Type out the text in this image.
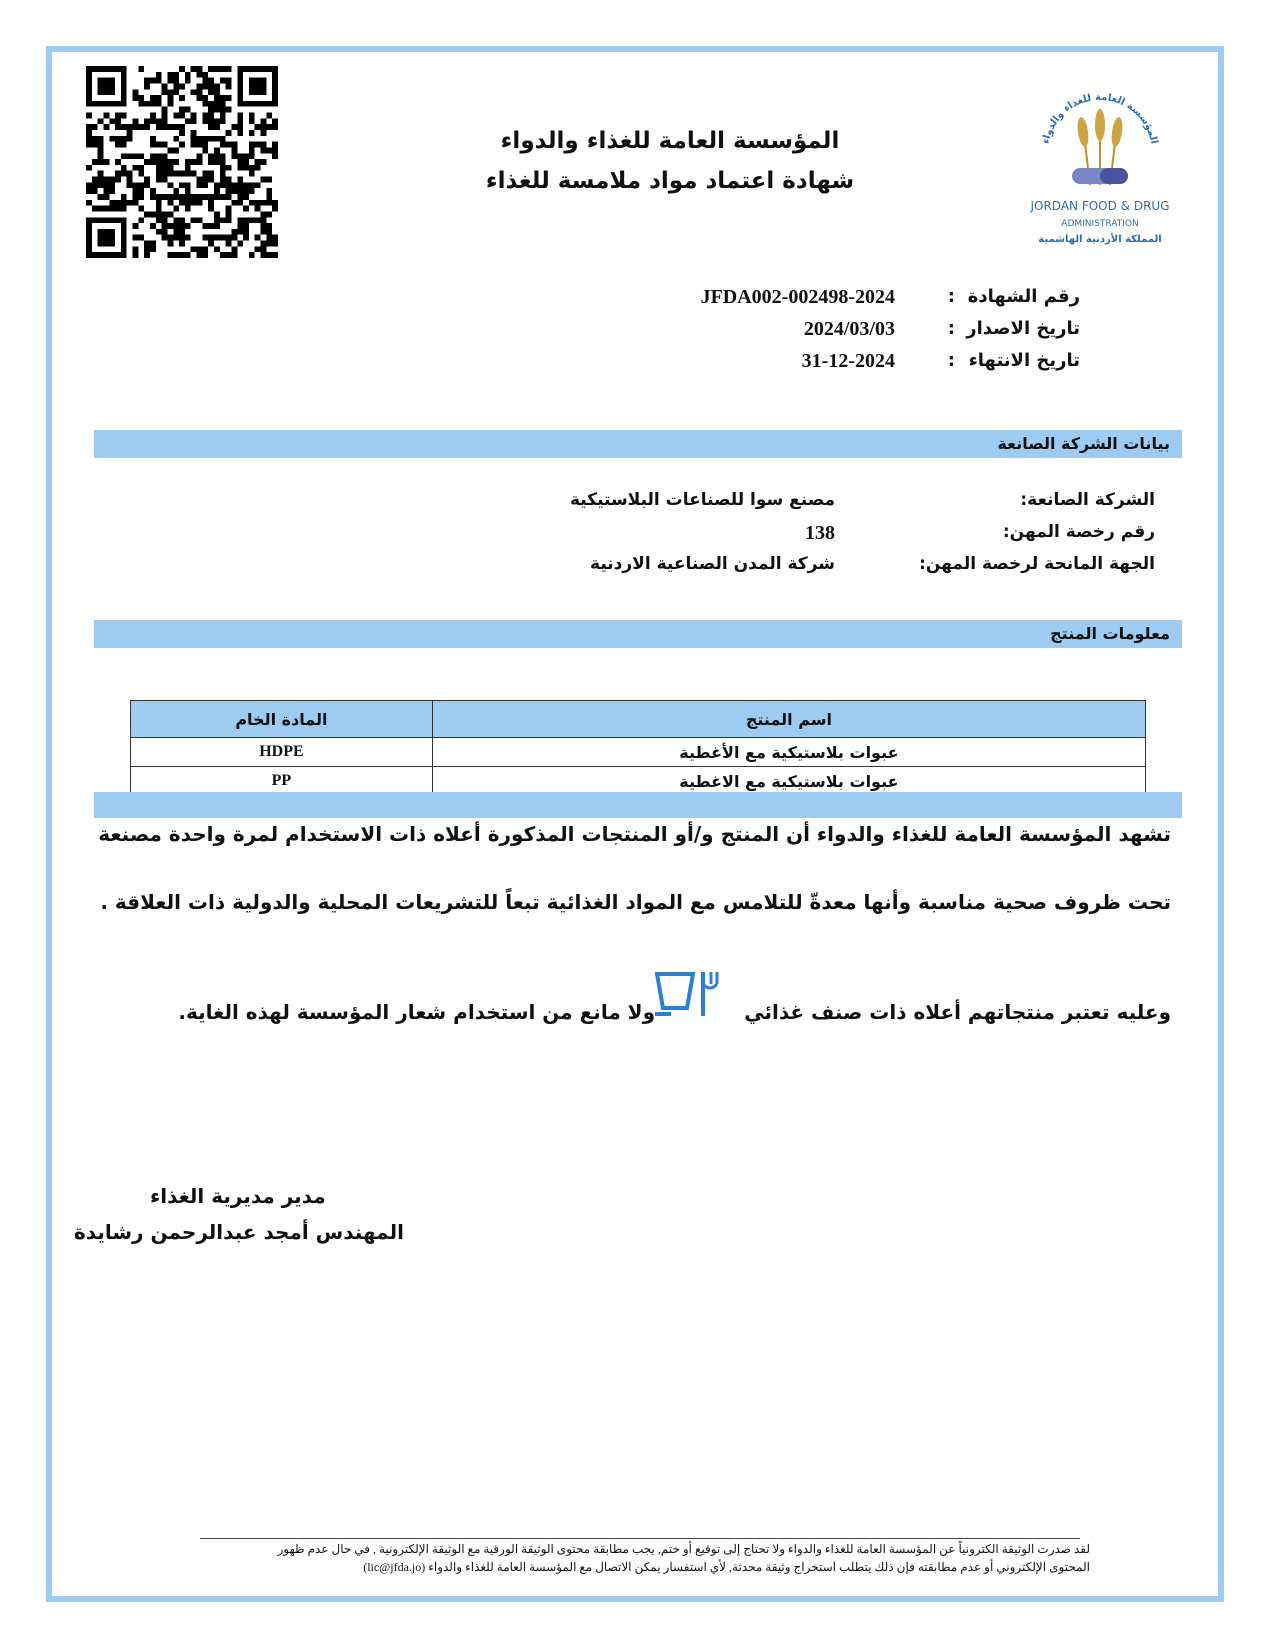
المؤسسة العامة للغذاء والدواء
JORDAN FOOD & DRUG
ADMINISTRATION
المملكة الأردنية الهاشمية
المؤسسة العامة للغذاء والدواء
شهادة اعتماد مواد ملامسة للغذاء
رقم الشهادة
:
JFDA002-002498-2024
تاريخ الاصدار
:
2024/03/03
تاريخ الانتهاء
:
31-12-2024
بيانات الشركة الصانعة
الشركة الصانعة:
مصنع سوا للصناعات البلاستيكية
رقم رخصة المهن:
138
الجهة المانحة لرخصة المهن:
شركة المدن الصناعية الاردنية
معلومات المنتج
اسم المنتج	المادة الخام
عبوات بلاستيكية مع الأغطية	HDPE
عبوات بلاستيكية مع الاغطية	PP
تشهد المؤسسة العامة للغذاء والدواء أن المنتج و/أو المنتجات المذكورة أعلاه ذات الاستخدام لمرة واحدة مصنعة
تحت ظروف صحية مناسبة وأنها معدةّ للتلامس مع المواد الغذائية تبعاً للتشريعات المحلية والدولية ذات العلاقة .
وعليه تعتبر منتجاتهم أعلاه ذات صنف غذائي
ولا مانع من استخدام شعار المؤسسة لهذه الغاية.
مدير مديرية الغذاء
المهندس أمجد عبدالرحمن رشايدة
لقد صدرت الوثيقة الكترونياً عن المؤسسة العامة للغذاء والدواء ولا تحتاج إلى توقيع أو ختم, يجب مطابقة محتوى الوثيقة الورقية مع الوثيقة الإلكترونية , في حال عدم ظهور
المحتوى الإلكتروني أو عدم مطابقته فإن ذلك يتطلب استخراج وثيقة محدثة, لأي استفسار يمكن الاتصال مع المؤسسة العامة للغذاء والدواء (lic@jfda.jo)
